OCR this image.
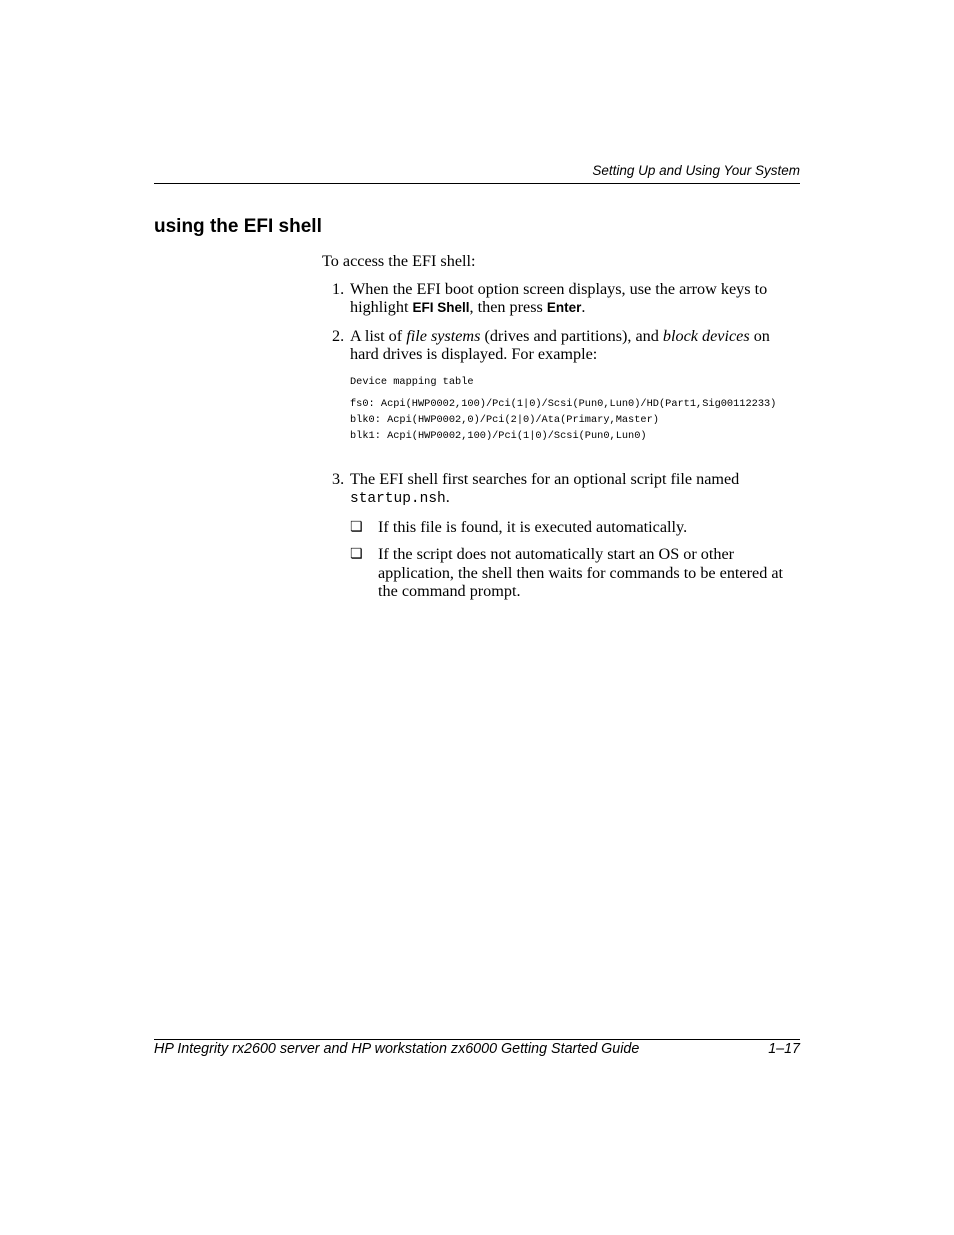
Setting Up and Using Your System
using the EFI shell

To access the EFI shell:

1. When the EFI boot option screen displays, use the arrow keys to highlight EFI Shell, then press Enter.
2. A list of file systems (drives and partitions), and block devices on hard drives is displayed. For example:
Device mapping table
fs0: Acpi(HWP0002,100)/Pci(1|0)/Scsi(Pun0,Lun0)/HD(Part1,Sig00112233)
blk0: Acpi(HWP0002,0)/Pci(2|0)/Ata(Primary,Master)
blk1: Acpi(HWP0002,100)/Pci(1|0)/Scsi(Pun0,Lun0)
3. The EFI shell first searches for an optional script file named startup.nsh.
❏ If this file is found, it is executed automatically.
❏ If the script does not automatically start an OS or other application, the shell then waits for commands to be entered at the command prompt.
HP Integrity rx2600 server and HP workstation zx6000 Getting Started Guide	1–17
